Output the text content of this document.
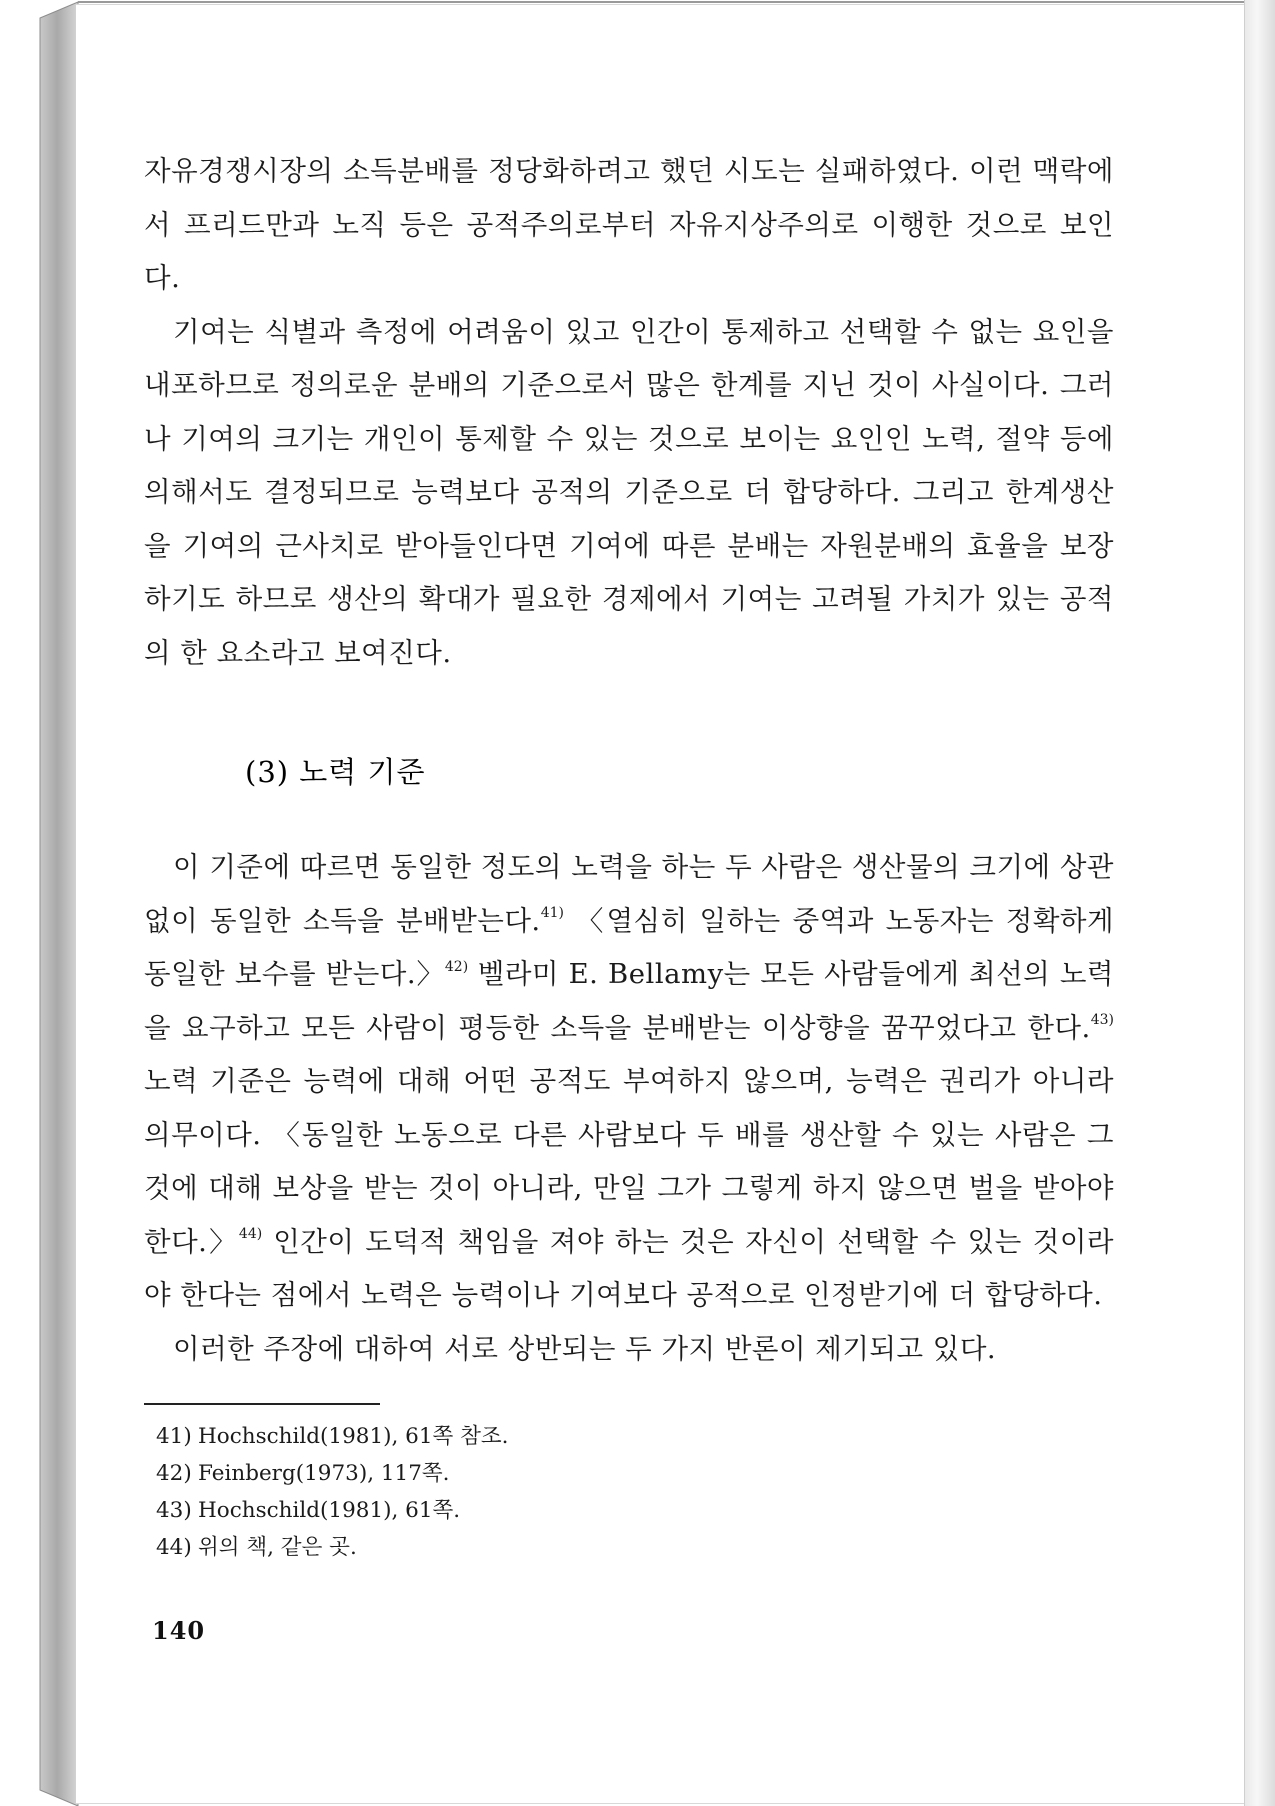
자유경쟁시장의 소득분배를 정당화하려고 했던 시도는 실패하였다. 이런 맥락에서 프리드만과 노직 등은 공적주의로부터 자유지상주의로 이행한 것으로 보인다.

기여는 식별과 측정에 어려움이 있고 인간이 통제하고 선택할 수 없는 요인을 내포하므로 정의로운 분배의 기준으로서 많은 한계를 지닌 것이 사실이다. 그러나 기여의 크기는 개인이 통제할 수 있는 것으로 보이는 요인인 노력, 절약 등에 의해서도 결정되므로 능력보다 공적의 기준으로 더 합당하다. 그리고 한계생산을 기여의 근사치로 받아들인다면 기여에 따른 분배는 자원분배의 효율을 보장하기도 하므로 생산의 확대가 필요한 경제에서 기여는 고려될 가치가 있는 공적의 한 요소라고 보여진다.

(3) 노력 기준

이 기준에 따르면 동일한 정도의 노력을 하는 두 사람은 생산물의 크기에 상관 없이 동일한 소득을 분배받는다.$^{41)}$ 〈열심히 일하는 중역과 노동자는 정확하게 동일한 보수를 받는다.〉$^{42)}$ 벨라미 E. Bellamy는 모든 사람들에게 최선의 노력을 요구하고 모든 사람이 평등한 소득을 분배받는 이상향을 꿈꾸었다고 한다.$^{43)}$ 노력 기준은 능력에 대해 어떤 공적도 부여하지 않으며, 능력은 권리가 아니라 의무이다. 〈동일한 노동으로 다른 사람보다 두 배를 생산할 수 있는 사람은 그것에 대해 보상을 받는 것이 아니라, 만일 그가 그렇게 하지 않으면 벌을 받아야 한다.〉$^{44)}$ 인간이 도덕적 책임을 져야 하는 것은 자신이 선택할 수 있는 것이라야 한다는 점에서 노력은 능력이나 기여보다 공적으로 인정받기에 더 합당하다.

이러한 주장에 대하여 서로 상반되는 두 가지 반론이 제기되고 있다.

41) Hochschild(1981), 61쪽 참조.

42) Feinberg(1973), 117쪽.

43) Hochschild(1981), 61쪽.

44) 위의 책, 같은 곳.

140
